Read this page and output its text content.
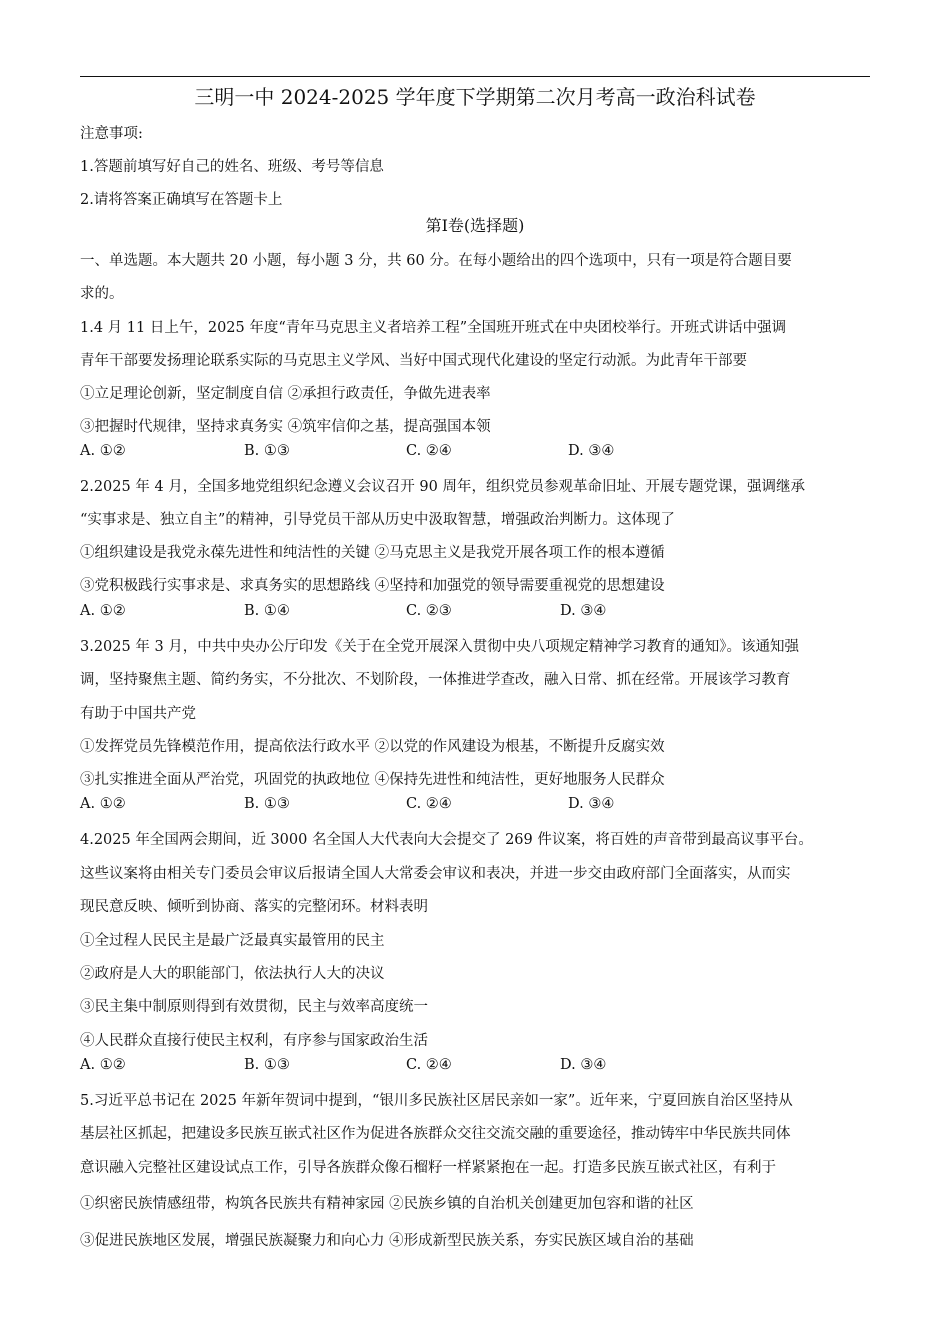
三明一中 2024-2025 学年度下学期第二次月考高一政治科试卷
注意事项:
1.答题前填写好自己的姓名、班级、考号等信息
2.请将答案正确填写在答题卡上
第Ⅰ卷(选择题)
一、单选题。本大题共 20 小题，每小题 3 分，共 60 分。在每小题给出的四个选项中，只有一项是符合题目要
求的。
1.4 月 11 日上午，2025 年度“青年马克思主义者培养工程”全国班开班式在中央团校举行。开班式讲话中强调
青年干部要发扬理论联系实际的马克思主义学风、当好中国式现代化建设的坚定行动派。为此青年干部要
①立足理论创新，坚定制度自信 ②承担行政责任，争做先进表率
③把握时代规律，坚持求真务实 ④筑牢信仰之基，提高强国本领
A. ①②	B. ①③	C. ②④	D. ③④
2.2025 年 4 月，全国多地党组织纪念遵义会议召开 90 周年，组织党员参观革命旧址、开展专题党课，强调继承
“实事求是、独立自主”的精神，引导党员干部从历史中汲取智慧，增强政治判断力。这体现了
①组织建设是我党永葆先进性和纯洁性的关键 ②马克思主义是我党开展各项工作的根本遵循
③党积极践行实事求是、求真务实的思想路线 ④坚持和加强党的领导需要重视党的思想建设
A. ①②	B. ①④	C. ②③	D. ③④
3.2025 年 3 月，中共中央办公厅印发《关于在全党开展深入贯彻中央八项规定精神学习教育的通知》。该通知强
调，坚持聚焦主题、简约务实，不分批次、不划阶段，一体推进学查改，融入日常、抓在经常。开展该学习教育
有助于中国共产党
①发挥党员先锋模范作用，提高依法行政水平 ②以党的作风建设为根基，不断提升反腐实效
③扎实推进全面从严治党，巩固党的执政地位 ④保持先进性和纯洁性，更好地服务人民群众
A. ①②	B. ①③	C. ②④	D. ③④
4.2025 年全国两会期间，近 3000 名全国人大代表向大会提交了 269 件议案，将百姓的声音带到最高议事平台。
这些议案将由相关专门委员会审议后报请全国人大常委会审议和表决，并进一步交由政府部门全面落实，从而实
现民意反映、倾听到协商、落实的完整闭环。材料表明
①全过程人民民主是最广泛最真实最管用的民主
②政府是人大的职能部门，依法执行人大的决议
③民主集中制原则得到有效贯彻，民主与效率高度统一
④人民群众直接行使民主权利，有序参与国家政治生活
A. ①②	B. ①③	C. ②④	D. ③④
5.习近平总书记在 2025 年新年贺词中提到，“银川多民族社区居民亲如一家”。近年来，宁夏回族自治区坚持从
基层社区抓起，把建设多民族互嵌式社区作为促进各族群众交往交流交融的重要途径，推动铸牢中华民族共同体
意识融入完整社区建设试点工作，引导各族群众像石榴籽一样紧紧抱在一起。打造多民族互嵌式社区，有利于
①织密民族情感纽带，构筑各民族共有精神家园 ②民族乡镇的自治机关创建更加包容和谐的社区
③促进民族地区发展，增强民族凝聚力和向心力 ④形成新型民族关系，夯实民族区域自治的基础
